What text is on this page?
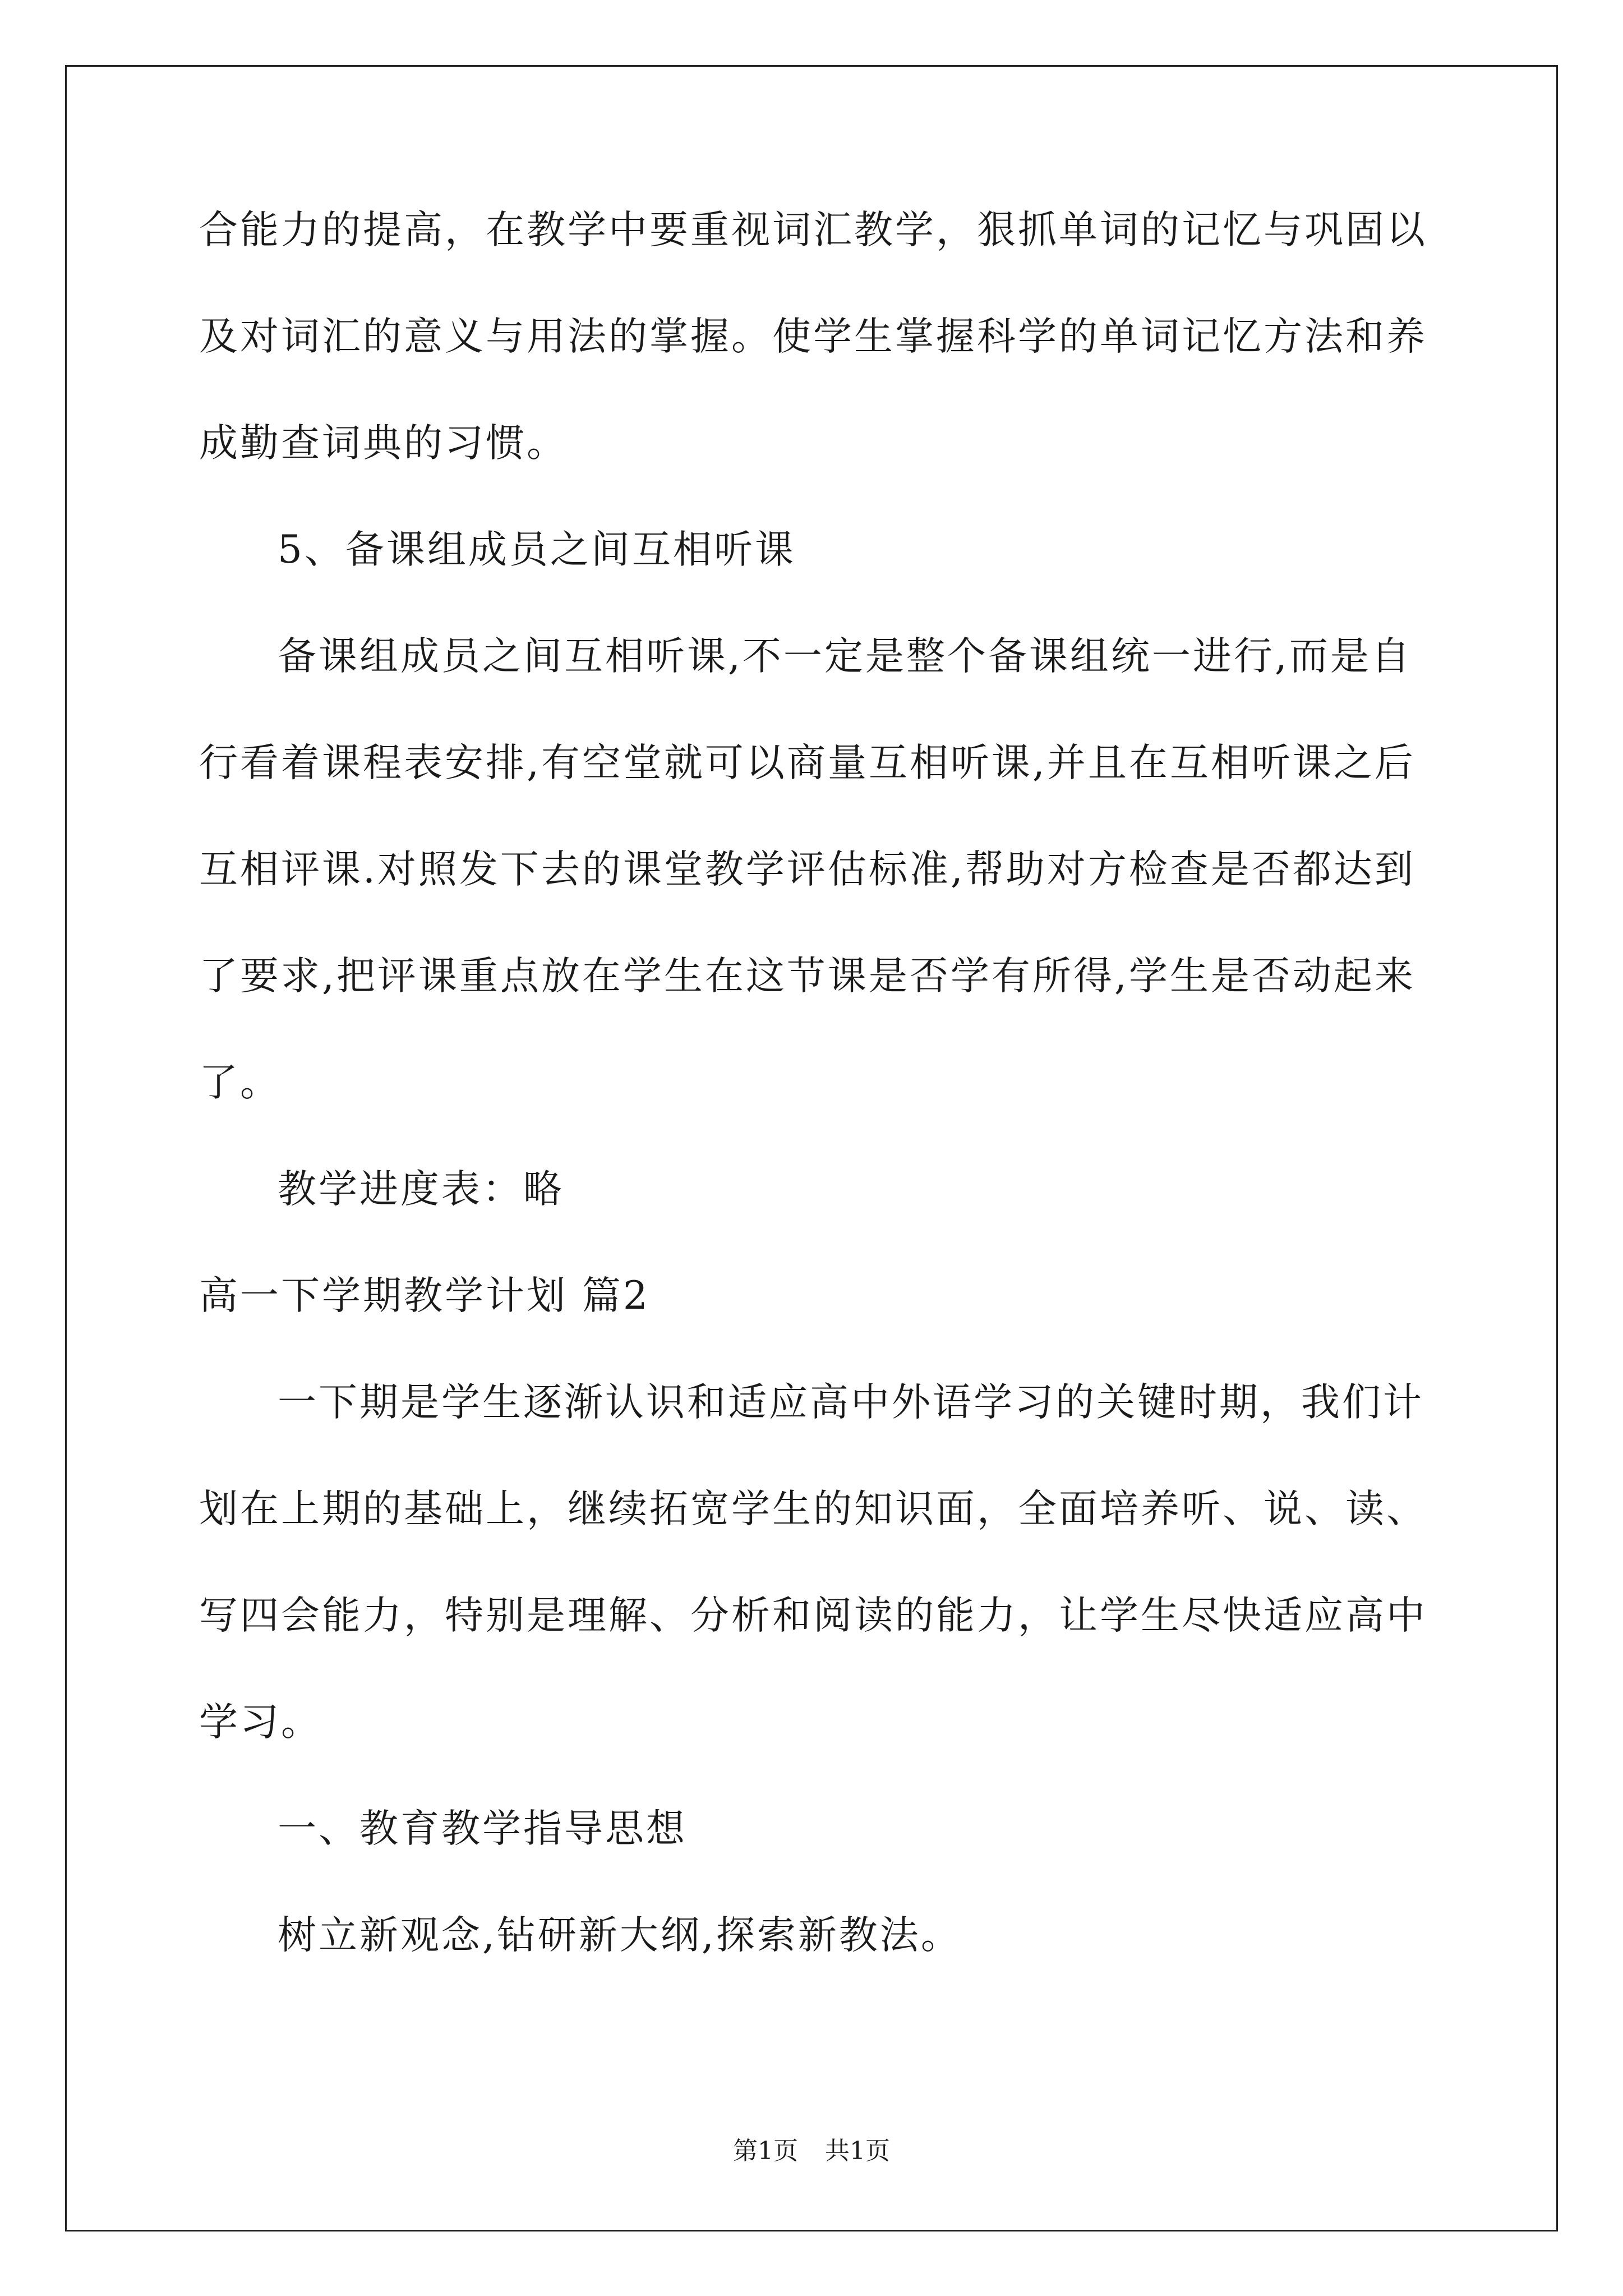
合能力的提高，在教学中要重视词汇教学，狠抓单词的记忆与巩固以
及对词汇的意义与用法的掌握。使学生掌握科学的单词记忆方法和养
成勤查词典的习惯。
5、备课组成员之间互相听课
备课组成员之间互相听课,不一定是整个备课组统一进行,而是自
行看着课程表安排,有空堂就可以商量互相听课,并且在互相听课之后
互相评课.对照发下去的课堂教学评估标准,帮助对方检查是否都达到
了要求,把评课重点放在学生在这节课是否学有所得,学生是否动起来
了。
教学进度表：略
高一下学期教学计划 篇2
一下期是学生逐渐认识和适应高中外语学习的关键时期，我们计
划在上期的基础上，继续拓宽学生的知识面，全面培养听、说、读、
写四会能力，特别是理解、分析和阅读的能力，让学生尽快适应高中
学习。
一、教育教学指导思想
树立新观念,钻研新大纲,探索新教法。
第1页 共1页
